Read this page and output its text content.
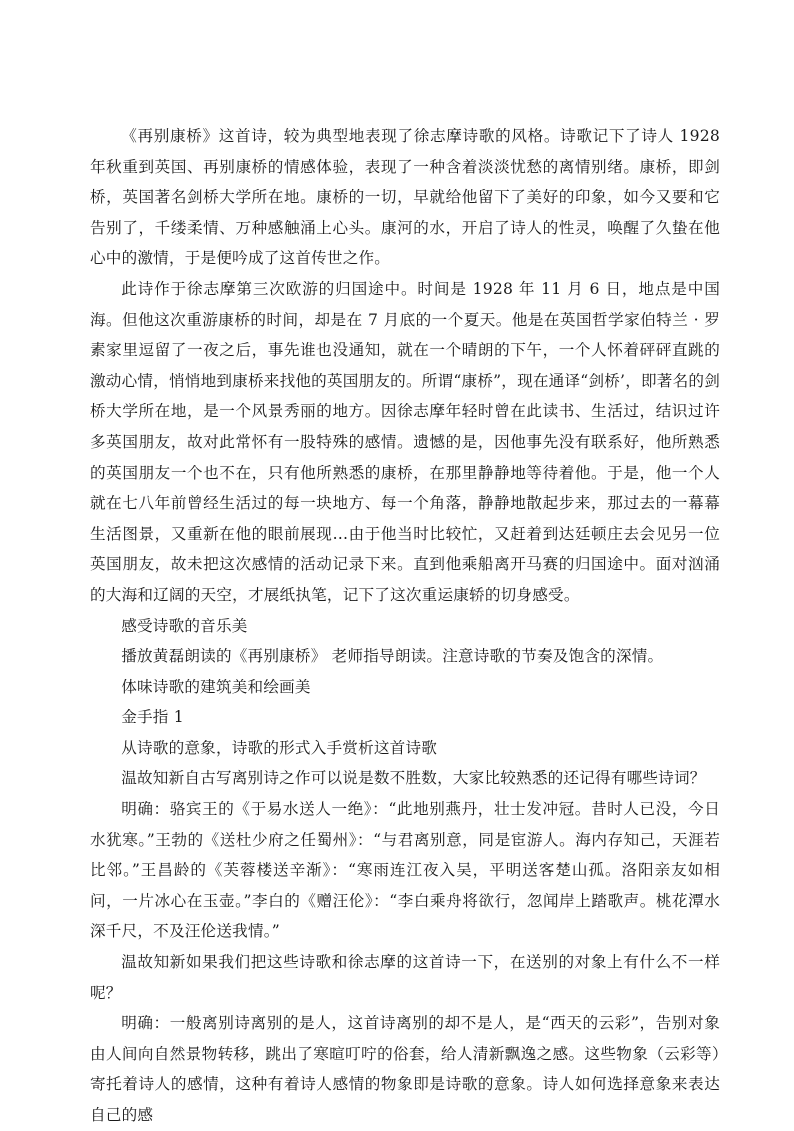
《再别康桥》这首诗，较为典型地表现了徐志摩诗歌的风格。诗歌记下了诗人 1928 年秋重到英国、再别康桥的情感体验，表现了一种含着淡淡忧愁的离情别绪。康桥，即剑桥，英国著名剑桥大学所在地。康桥的一切，早就给他留下了美好的印象，如今又要和它告别了，千缕柔情、万种感触涌上心头。康河的水，开启了诗人的性灵，唤醒了久蛰在他心中的激情，于是便吟成了这首传世之作。

此诗作于徐志摩第三次欧游的归国途中。时间是 1928 年 11 月 6 日，地点是中国海。但他这次重游康桥的时间，却是在 7 月底的一个夏天。他是在英国哲学家伯特兰 · 罗素家里逗留了一夜之后，事先谁也没通知，就在一个晴朗的下午，一个人怀着砰砰直跳的激动心情，悄悄地到康桥来找他的英国朋友的。所谓“康桥”，现在通译“剑桥’，即著名的剑桥大学所在地，是一个风景秀丽的地方。因徐志摩年轻时曾在此读书、生活过，结识过许多英国朋友，故对此常怀有一股特殊的感情。遗憾的是，因他事先没有联系好，他所熟悉的英国朋友一个也不在，只有他所熟悉的康桥，在那里静静地等待着他。于是，他一个人就在七八年前曾经生活过的每一块地方、每一个角落，静静地散起步来，那过去的一幕幕生活图景，又重新在他的眼前展现…由于他当时比较忙，又赶着到达廷顿庄去会见另一位英国朋友，故未把这次感情的活动记录下来。直到他乘船离开马赛的归国途中。面对汹涌的大海和辽阔的天空，才展纸执笔，记下了这次重运康轿的切身感受。

感受诗歌的音乐美

播放黄磊朗读的《再别康桥》 老师指导朗读。注意诗歌的节奏及饱含的深情。

体味诗歌的建筑美和绘画美

金手指 1

从诗歌的意象，诗歌的形式入手赏析这首诗歌

温故知新自古写离别诗之作可以说是数不胜数，大家比较熟悉的还记得有哪些诗词？

明确：骆宾王的《于易水送人一绝》：“此地别燕丹，壮士发冲冠。昔时人已没，今日水犹寒。”王勃的《送杜少府之任蜀州》：“与君离别意，同是宦游人。海内存知己，天涯若比邻。”王昌龄的《芙蓉楼送辛渐》：“寒雨连江夜入吴，平明送客楚山孤。洛阳亲友如相问，一片冰心在玉壶。”李白的《赠汪伦》：“李白乘舟将欲行，忽闻岸上踏歌声。桃花潭水深千尺，不及汪伦送我情。”

温故知新如果我们把这些诗歌和徐志摩的这首诗一下，在送别的对象上有什么不一样呢？

明确：一般离别诗离别的是人，这首诗离别的却不是人，是“西天的云彩”，告别对象由人间向自然景物转移，跳出了寒暄叮咛的俗套，给人清新飘逸之感。这些物象（云彩等）寄托着诗人的感情，这种有着诗人感情的物象即是诗歌的意象。诗人如何选择意象来表达自己的感
